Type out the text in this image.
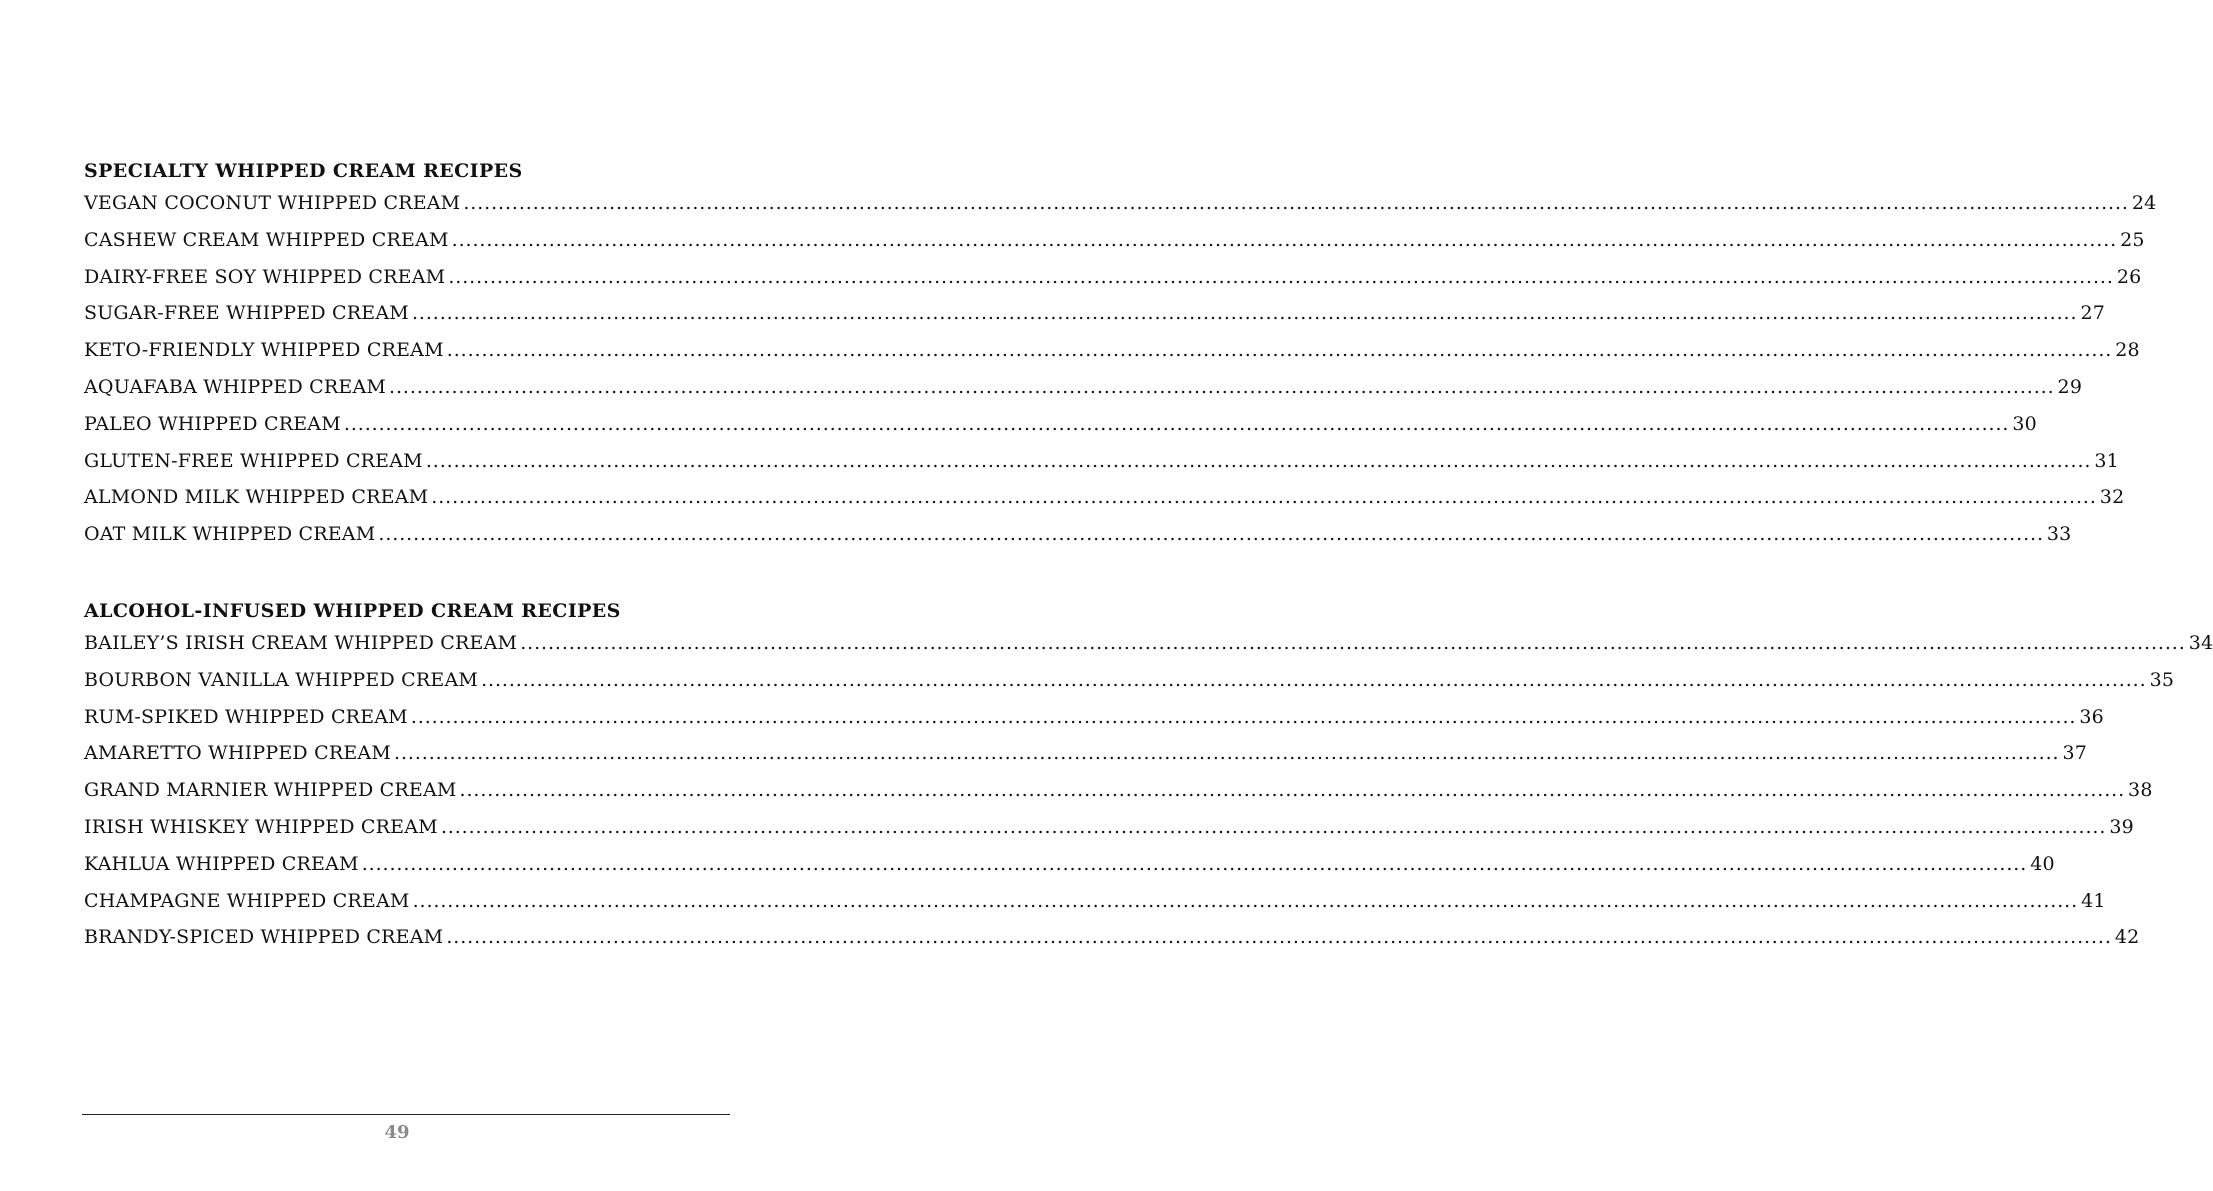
SPECIALTY WHIPPED CREAM RECIPES
VEGAN COCONUT WHIPPED CREAM ................................................................................................................................................................................................................................................ 24
CASHEW CREAM WHIPPED CREAM ................................................................................................................................................................................................................................................ 25
DAIRY-FREE SOY WHIPPED CREAM ................................................................................................................................................................................................................................................ 26
SUGAR-FREE WHIPPED CREAM ................................................................................................................................................................................................................................................ 27
KETO-FRIENDLY WHIPPED CREAM ................................................................................................................................................................................................................................................ 28
AQUAFABA WHIPPED CREAM ................................................................................................................................................................................................................................................ 29
PALEO WHIPPED CREAM ................................................................................................................................................................................................................................................ 30
GLUTEN-FREE WHIPPED CREAM ................................................................................................................................................................................................................................................ 31
ALMOND MILK WHIPPED CREAM ................................................................................................................................................................................................................................................ 32
OAT MILK WHIPPED CREAM ................................................................................................................................................................................................................................................ 33
ALCOHOL-INFUSED WHIPPED CREAM RECIPES
BAILEY’S IRISH CREAM WHIPPED CREAM ................................................................................................................................................................................................................................................ 34
BOURBON VANILLA WHIPPED CREAM ................................................................................................................................................................................................................................................ 35
RUM-SPIKED WHIPPED CREAM ................................................................................................................................................................................................................................................ 36
AMARETTO WHIPPED CREAM ................................................................................................................................................................................................................................................ 37
GRAND MARNIER WHIPPED CREAM ................................................................................................................................................................................................................................................ 38
IRISH WHISKEY WHIPPED CREAM ................................................................................................................................................................................................................................................ 39
KAHLUA WHIPPED CREAM ................................................................................................................................................................................................................................................ 40
CHAMPAGNE WHIPPED CREAM ................................................................................................................................................................................................................................................ 41
BRANDY-SPICED WHIPPED CREAM ................................................................................................................................................................................................................................................ 42
49
